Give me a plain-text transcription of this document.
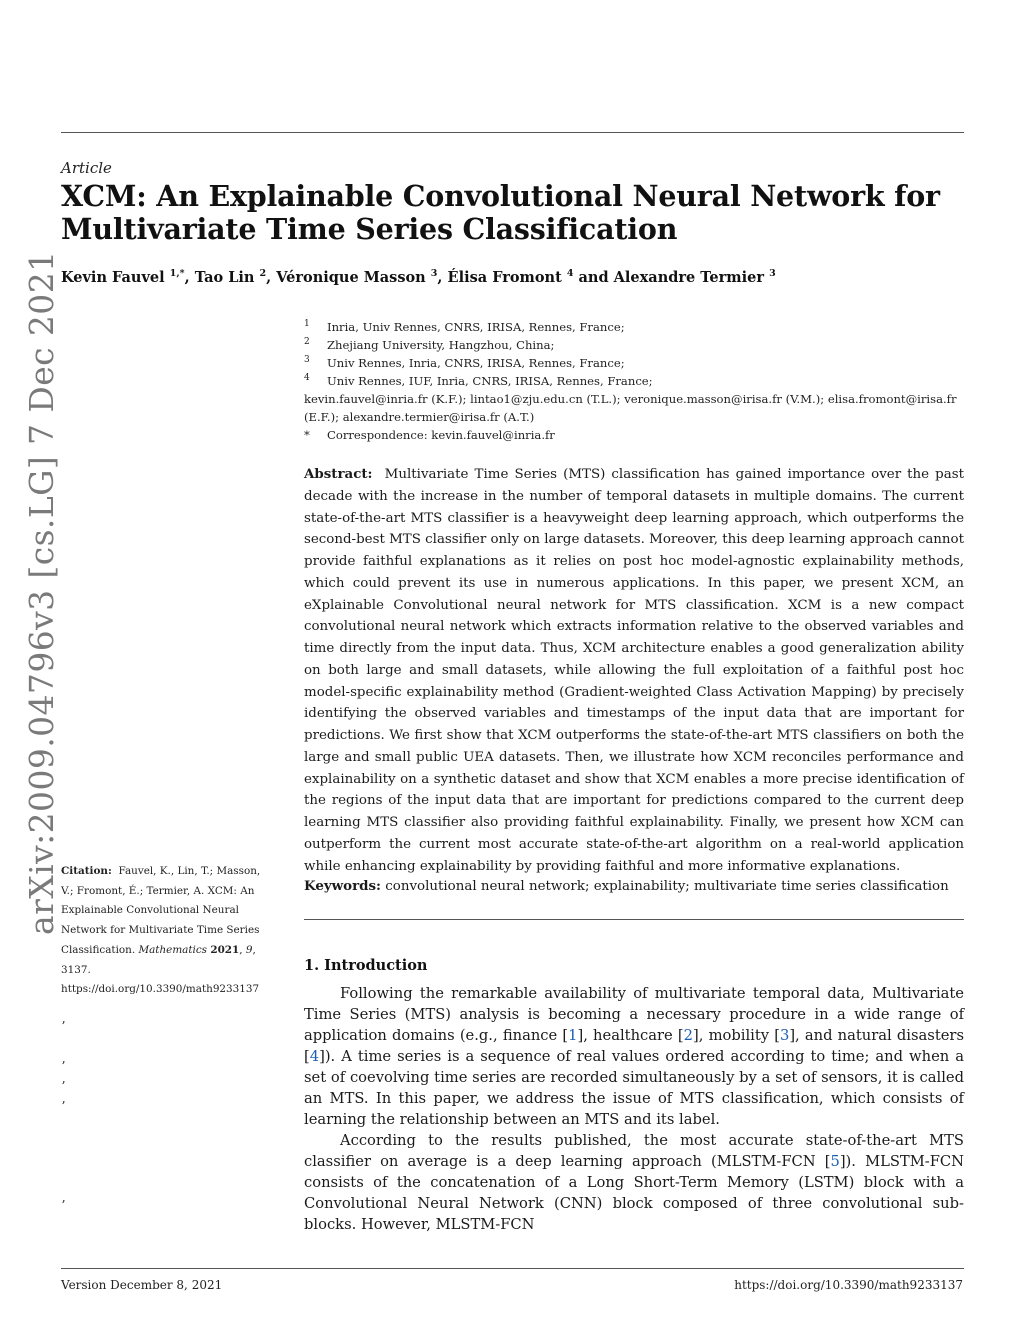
Article
XCM: An Explainable Convolutional Neural Network for
Multivariate Time Series Classification
Kevin Fauvel $^{1,*}$, Tao Lin $^2$, Véronique Masson $^3$, Élisa Fromont $^4$ and Alexandre Termier $^3$
1 Inria, Univ Rennes, CNRS, IRISA, Rennes, France;
2 Zhejiang University, Hangzhou, China;
3 Univ Rennes, Inria, CNRS, IRISA, Rennes, France;
4 Univ Rennes, IUF, Inria, CNRS, IRISA, Rennes, France;
kevin.fauvel@inria.fr (K.F.); lintao1@zju.edu.cn (T.L.); veronique.masson@irisa.fr (V.M.); elisa.fromont@irisa.fr (E.F.); alexandre.termier@irisa.fr (A.T.)
* Correspondence: kevin.fauvel@inria.fr

Abstract: Multivariate Time Series (MTS) classification has gained importance over the past decade with the increase in the number of temporal datasets in multiple domains. The current state-of-the-art MTS classifier is a heavyweight deep learning approach, which outperforms the second-best MTS classifier only on large datasets. Moreover, this deep learning approach cannot provide faithful explanations as it relies on post hoc model-agnostic explainability methods, which could prevent its use in numerous applications. In this paper, we present XCM, an eXplainable Convolutional neural network for MTS classification. XCM is a new compact convolutional neural network which extracts information relative to the observed variables and time directly from the input data. Thus, XCM architecture enables a good generalization ability on both large and small datasets, while allowing the full exploitation of a faithful post hoc model-specific explainability method (Gradient-weighted Class Activation Mapping) by precisely identifying the observed variables and timestamps of the input data that are important for predictions. We first show that XCM outperforms the state-of-the-art MTS classifiers on both the large and small public UEA datasets. Then, we illustrate how XCM reconciles performance and explainability on a synthetic dataset and show that XCM enables a more precise identification of the regions of the input data that are important for predictions compared to the current deep learning MTS classifier also providing faithful explainability. Finally, we present how XCM can outperform the current most accurate state-of-the-art algorithm on a real-world application while enhancing explainability by providing faithful and more informative explanations.

Keywords: convolutional neural network; explainability; multivariate time series classification

1. Introduction

Following the remarkable availability of multivariate temporal data, Multivariate Time Series (MTS) analysis is becoming a necessary procedure in a wide range of application domains (e.g., finance [1], healthcare [2], mobility [3], and natural disasters [4]). A time series is a sequence of real values ordered according to time; and when a set of coevolving time series are recorded simultaneously by a set of sensors, it is called an MTS. In this paper, we address the issue of MTS classification, which consists of learning the relationship between an MTS and its label.

According to the results published, the most accurate state-of-the-art MTS classifier on average is a deep learning approach (MLSTM-FCN [5]). MLSTM-FCN consists of the concatenation of a Long Short-Term Memory (LSTM) block with a Convolutional Neural Network (CNN) block composed of three convolutional sub-blocks. However, MLSTM-FCN

Citation: Fauvel, K., Lin, T.; Masson, V.; Fromont, É.; Termier, A. XCM: An Explainable Convolutional Neural Network for Multivariate Time Series Classification. Mathematics 2021, 9, 3137.
https://doi.org/10.3390/math9233137
ʼ
ʼ
ʼ
ʼ
ʼ
arXiv:2009.04796v3 [cs.LG] 7 Dec 2021
Version December 8, 2021	https://doi.org/10.3390/math9233137
